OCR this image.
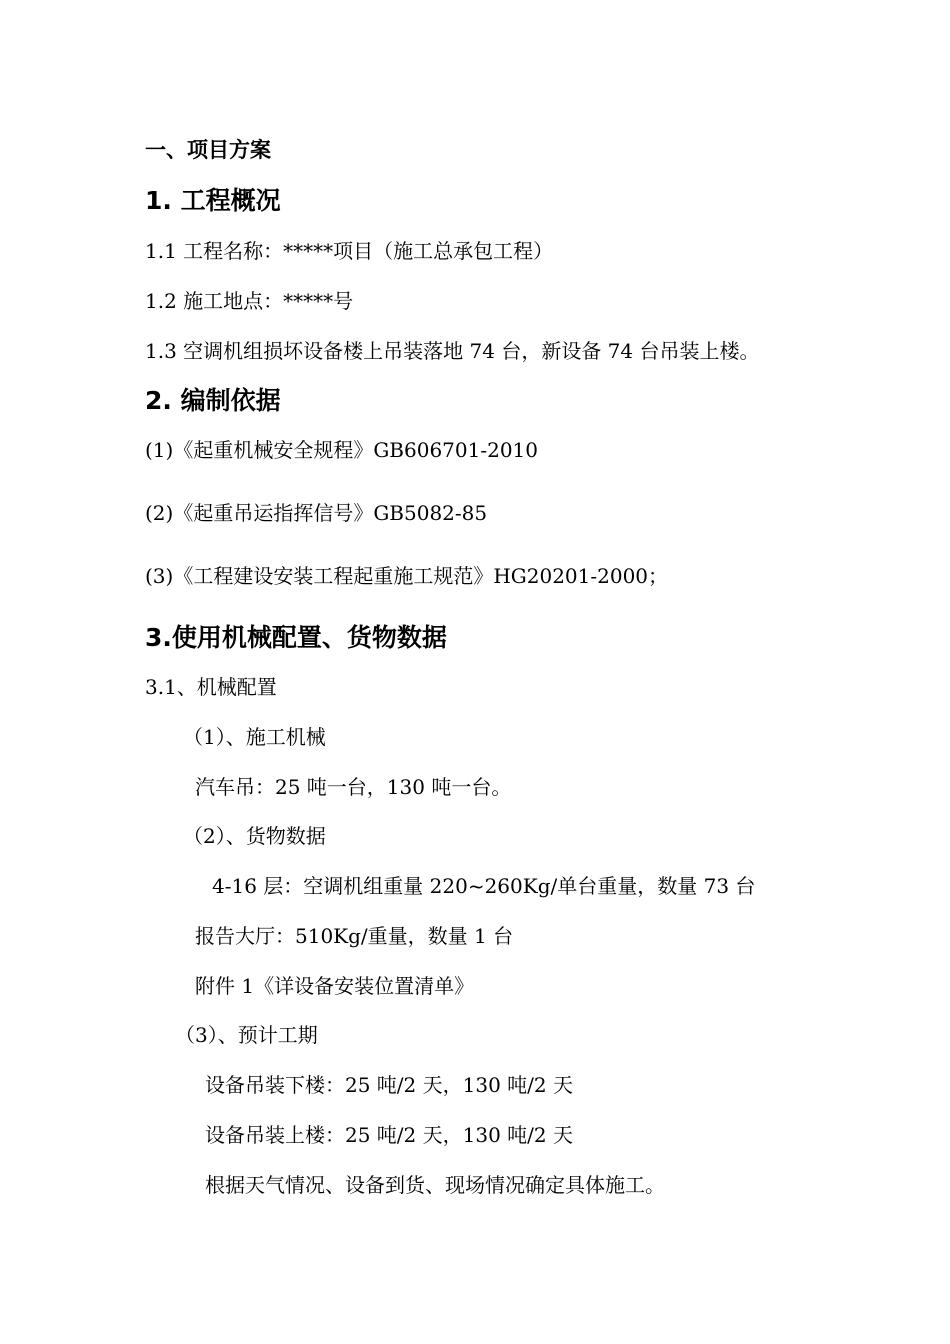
一、项目方案
1. 工程概况
1.1 工程名称：*****项目（施工总承包工程）
1.2 施工地点：*****号
1.3 空调机组损坏设备楼上吊装落地 74 台，新设备 74 台吊装上楼。
2. 编制依据
(1)《起重机械安全规程》GB606701-2010
(2)《起重吊运指挥信号》GB5082-85
(3)《工程建设安装工程起重施工规范》HG20201-2000；
3.使用机械配置、货物数据
3.1、机械配置
（1）、施工机械
汽车吊：25 吨一台，130 吨一台。
（2）、货物数据
4-16 层：空调机组重量 220~260Kg/单台重量，数量 73 台
报告大厅：510Kg/重量，数量 1 台
附件 1《详设备安装位置清单》
（3）、预计工期
设备吊装下楼：25 吨/2 天，130 吨/2 天
设备吊装上楼：25 吨/2 天，130 吨/2 天
根据天气情况、设备到货、现场情况确定具体施工。
